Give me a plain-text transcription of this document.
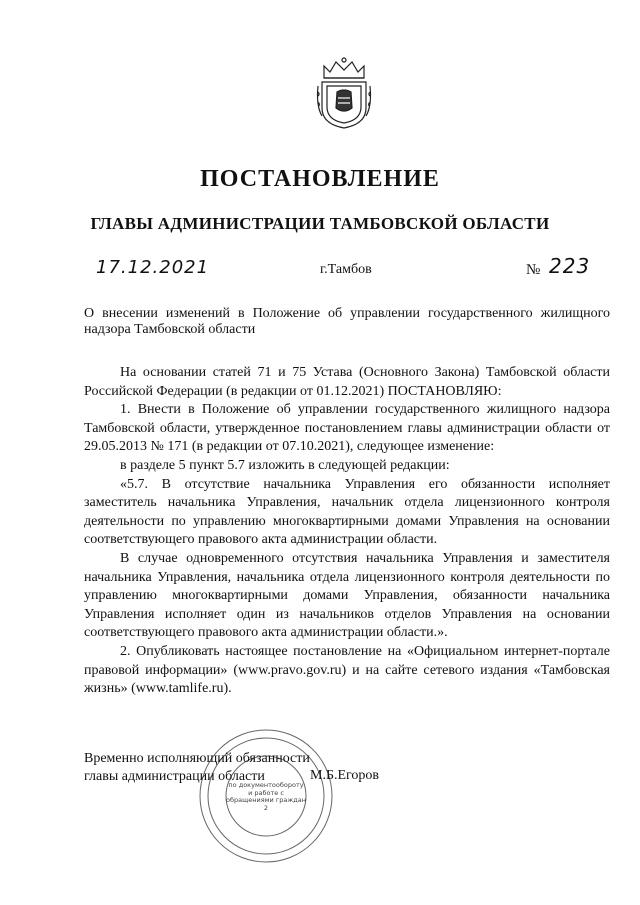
ПОСТАНОВЛЕНИЕ
ГЛАВЫ АДМИНИСТРАЦИИ ТАМБОВСКОЙ ОБЛАСТИ
17.12.2021	г.Тамбов	№ 223
О внесении изменений в Положение об управлении государственного жилищного надзора Тамбовской области

На основании статей 71 и 75 Устава (Основного Закона) Тамбовской области Российской Федерации (в редакции от 01.12.2021) ПОСТАНОВЛЯЮ:

1. Внести в Положение об управлении государственного жилищного надзора Тамбовской области, утвержденное постановлением главы администрации области от 29.05.2013 № 171 (в редакции от 07.10.2021), следующее изменение:

в разделе 5 пункт 5.7 изложить в следующей редакции:

«5.7. В отсутствие начальника Управления его обязанности исполняет заместитель начальника Управления, начальник отдела лицензионного контроля деятельности по управлению многоквартирными домами Управления на основании соответствующего правового акта администрации области.

В случае одновременного отсутствия начальника Управления и заместителя начальника Управления, начальника отдела лицензионного контроля деятельности по управлению многоквартирными домами Управления, обязанности начальника Управления исполняет один из начальников отделов Управления на основании соответствующего правового акта администрации области.».

2. Опубликовать настоящее постановление на «Официальном интернет-портале правовой информации» (www.pravo.gov.ru) и на сайте сетевого издания «Тамбовская жизнь» (www.tamlife.ru).

по документообороту и работе с обращениями граждан
2
Временно исполняющий обязанности
главы администрации области	М.Б.Егоров
